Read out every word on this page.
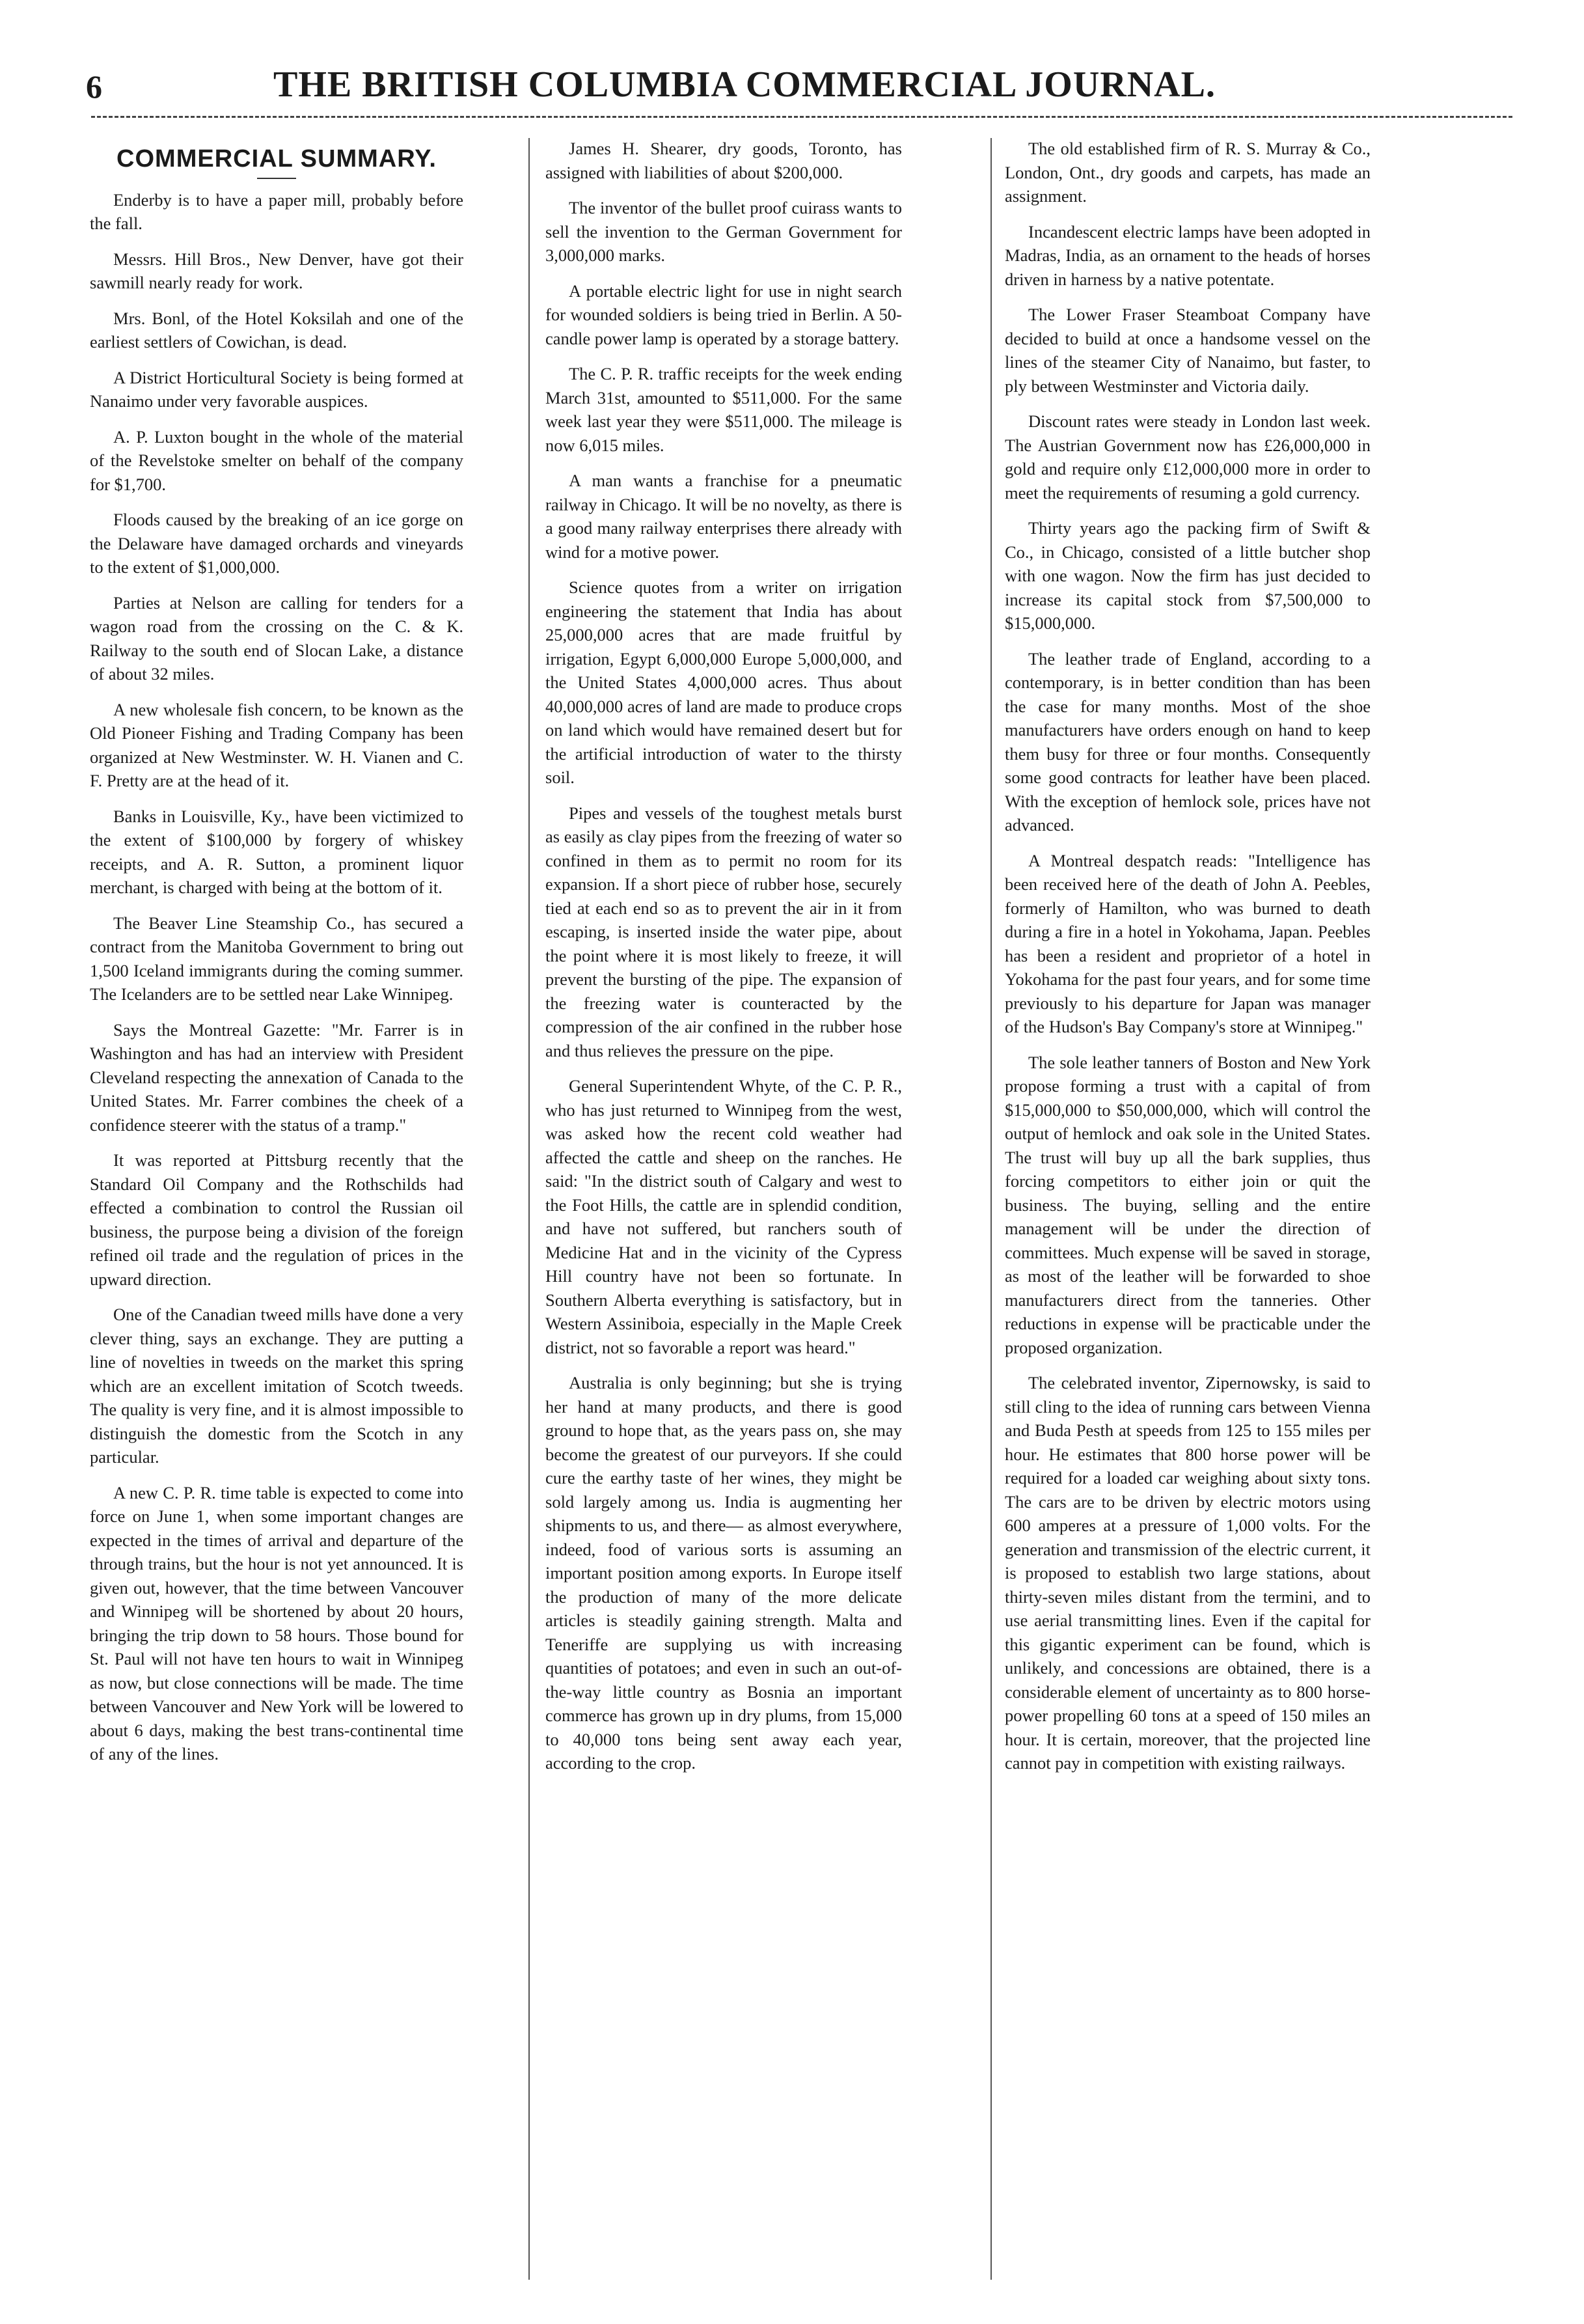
6	THE BRITISH COLUMBIA COMMERCIAL JOURNAL.
COMMERCIAL SUMMARY.

Enderby is to have a paper mill, probably before the fall.

Messrs. Hill Bros., New Denver, have got their sawmill nearly ready for work.

Mrs. Bonl, of the Hotel Koksilah and one of the earliest settlers of Cowichan, is dead.

A District Horticultural Society is being formed at Nanaimo under very favorable auspices.

A. P. Luxton bought in the whole of the material of the Revelstoke smelter on behalf of the company for $1,700.

Floods caused by the breaking of an ice gorge on the Delaware have damaged orchards and vineyards to the extent of $1,000,000.

Parties at Nelson are calling for tenders for a wagon road from the crossing on the C. & K. Railway to the south end of Slocan Lake, a distance of about 32 miles.

A new wholesale fish concern, to be known as the Old Pioneer Fishing and Trading Company has been organized at New Westminster. W. H. Vianen and C. F. Pretty are at the head of it.

Banks in Louisville, Ky., have been victimized to the extent of $100,000 by forgery of whiskey receipts, and A. R. Sutton, a prominent liquor merchant, is charged with being at the bottom of it.

The Beaver Line Steamship Co., has secured a contract from the Manitoba Government to bring out 1,500 Iceland immigrants during the coming summer. The Icelanders are to be settled near Lake Winnipeg.

Says the Montreal Gazette: "Mr. Farrer is in Washington and has had an interview with President Cleveland respecting the annexation of Canada to the United States. Mr. Farrer combines the cheek of a confidence steerer with the status of a tramp."

It was reported at Pittsburg recently that the Standard Oil Company and the Rothschilds had effected a combination to control the Russian oil business, the purpose being a division of the foreign refined oil trade and the regulation of prices in the upward direction.

One of the Canadian tweed mills have done a very clever thing, says an exchange. They are putting a line of novelties in tweeds on the market this spring which are an excellent imitation of Scotch tweeds. The quality is very fine, and it is almost impossible to distinguish the domestic from the Scotch in any particular.

A new C. P. R. time table is expected to come into force on June 1, when some important changes are expected in the times of arrival and departure of the through trains, but the hour is not yet announced. It is given out, however, that the time between Vancouver and Winnipeg will be shortened by about 20 hours, bringing the trip down to 58 hours. Those bound for St. Paul will not have ten hours to wait in Winnipeg as now, but close connections will be made. The time between Vancouver and New York will be lowered to about 6 days, making the best trans-continental time of any of the lines.

James H. Shearer, dry goods, Toronto, has assigned with liabilities of about $200,000.

The inventor of the bullet proof cuirass wants to sell the invention to the German Government for 3,000,000 marks.

A portable electric light for use in night search for wounded soldiers is being tried in Berlin. A 50-candle power lamp is operated by a storage battery.

The C. P. R. traffic receipts for the week ending March 31st, amounted to $511,000. For the same week last year they were $511,000. The mileage is now 6,015 miles.

A man wants a franchise for a pneumatic railway in Chicago. It will be no novelty, as there is a good many railway enterprises there already with wind for a motive power.

Science quotes from a writer on irrigation engineering the statement that India has about 25,000,000 acres that are made fruitful by irrigation, Egypt 6,000,000 Europe 5,000,000, and the United States 4,000,000 acres. Thus about 40,000,000 acres of land are made to produce crops on land which would have remained desert but for the artificial introduction of water to the thirsty soil.

Pipes and vessels of the toughest metals burst as easily as clay pipes from the freezing of water so confined in them as to permit no room for its expansion. If a short piece of rubber hose, securely tied at each end so as to prevent the air in it from escaping, is inserted inside the water pipe, about the point where it is most likely to freeze, it will prevent the bursting of the pipe. The expansion of the freezing water is counteracted by the compression of the air confined in the rubber hose and thus relieves the pressure on the pipe.

General Superintendent Whyte, of the C. P. R., who has just returned to Winnipeg from the west, was asked how the recent cold weather had affected the cattle and sheep on the ranches. He said: "In the district south of Calgary and west to the Foot Hills, the cattle are in splendid condition, and have not suffered, but ranchers south of Medicine Hat and in the vicinity of the Cypress Hill country have not been so fortunate. In Southern Alberta everything is satisfactory, but in Western Assiniboia, especially in the Maple Creek district, not so favorable a report was heard."

Australia is only beginning; but she is trying her hand at many products, and there is good ground to hope that, as the years pass on, she may become the greatest of our purveyors. If she could cure the earthy taste of her wines, they might be sold largely among us. India is augmenting her shipments to us, and there— as almost everywhere, indeed, food of various sorts is assuming an important position among exports. In Europe itself the production of many of the more delicate articles is steadily gaining strength. Malta and Teneriffe are supplying us with increasing quantities of potatoes; and even in such an out-of-the-way little country as Bosnia an important commerce has grown up in dry plums, from 15,000 to 40,000 tons being sent away each year, according to the crop.

The old established firm of R. S. Murray & Co., London, Ont., dry goods and carpets, has made an assignment.

Incandescent electric lamps have been adopted in Madras, India, as an ornament to the heads of horses driven in harness by a native potentate.

The Lower Fraser Steamboat Company have decided to build at once a handsome vessel on the lines of the steamer City of Nanaimo, but faster, to ply between Westminster and Victoria daily.

Discount rates were steady in London last week. The Austrian Government now has £26,000,000 in gold and require only £12,000,000 more in order to meet the requirements of resuming a gold currency.

Thirty years ago the packing firm of Swift & Co., in Chicago, consisted of a little butcher shop with one wagon. Now the firm has just decided to increase its capital stock from $7,500,000 to $15,000,000.

The leather trade of England, according to a contemporary, is in better condition than has been the case for many months. Most of the shoe manufacturers have orders enough on hand to keep them busy for three or four months. Consequently some good contracts for leather have been placed. With the exception of hemlock sole, prices have not advanced.

A Montreal despatch reads: "Intelligence has been received here of the death of John A. Peebles, formerly of Hamilton, who was burned to death during a fire in a hotel in Yokohama, Japan. Peebles has been a resident and proprietor of a hotel in Yokohama for the past four years, and for some time previously to his departure for Japan was manager of the Hudson's Bay Company's store at Winnipeg."

The sole leather tanners of Boston and New York propose forming a trust with a capital of from $15,000,000 to $50,000,000, which will control the output of hemlock and oak sole in the United States. The trust will buy up all the bark supplies, thus forcing competitors to either join or quit the business. The buying, selling and the entire management will be under the direction of committees. Much expense will be saved in storage, as most of the leather will be forwarded to shoe manufacturers direct from the tanneries. Other reductions in expense will be practicable under the proposed organization.

The celebrated inventor, Zipernowsky, is said to still cling to the idea of running cars between Vienna and Buda Pesth at speeds from 125 to 155 miles per hour. He estimates that 800 horse power will be required for a loaded car weighing about sixty tons. The cars are to be driven by electric motors using 600 amperes at a pressure of 1,000 volts. For the generation and transmission of the electric current, it is proposed to establish two large stations, about thirty-seven miles distant from the termini, and to use aerial transmitting lines. Even if the capital for this gigantic experiment can be found, which is unlikely, and concessions are obtained, there is a considerable element of uncertainty as to 800 horse-power propelling 60 tons at a speed of 150 miles an hour. It is certain, moreover, that the projected line cannot pay in competition with existing railways.
